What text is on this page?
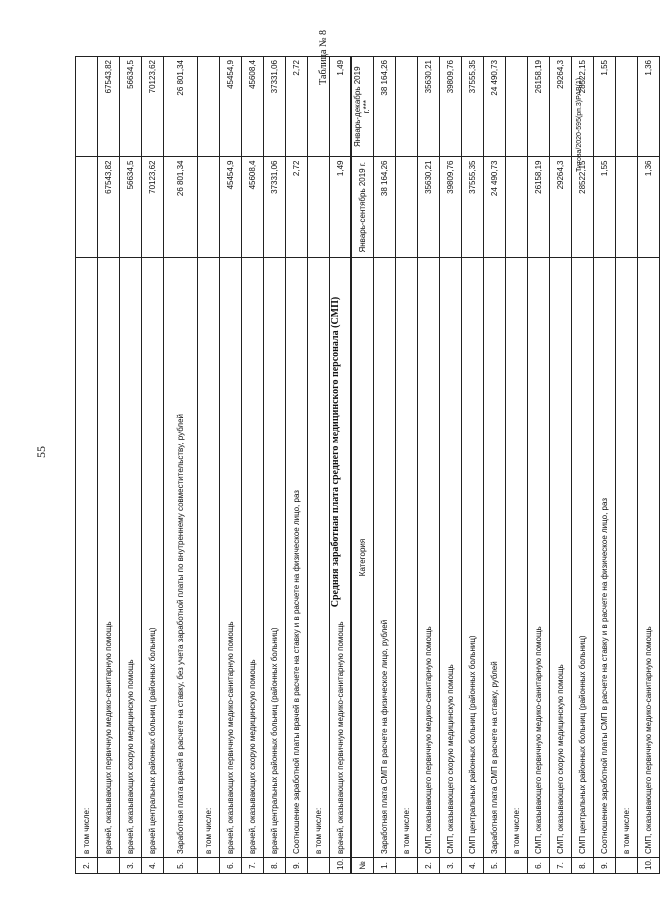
55
2.	в том числе:		
	врачей, оказывающих первичную медико-санитарную помощь	67543,82	67543,82
3.	врачей, оказывающих скорую медицинскую помощь	56634,5	56634,5
4.	врачей центральных районных больниц (районных больниц)	70123,62	70123,62
5.	Заработная плата врачей в расчете на ставку, без учета заработной платы по внутреннему совместительству, рублей	26 801,34	26 801,34
	в том числе:		
6.	врачей, оказывающих первичную медико-санитарную помощь	45454,9	45454,9
7.	врачей, оказывающих скорую медицинскую помощь	45608,4	45608,4
8.	врачей центральных районных больниц (районных больниц)	37331,06	37331,06
9.	Соотношение заработной платы врачей в расчете на ставку и в расчете на физическое лицо, раз	2,72	2,72
	в том числе:		
10.	врачей, оказывающих первичную медико-санитарную помощь	1,49	1,49
Таблица № 8
Средняя заработная плата среднего медицинского персонала (СМП)
№	Категория	Январь-сентябрь 2019 г.	Январь-декабрь 2019 г.***
1.	Заработная плата СМП в расчете на физическое лицо, рублей	38 164,26	38 164,26
	в том числе:		
2.	СМП, оказывающего первичную медико-санитарную помощь	35630,21	35630,21
3.	СМП, оказывающего скорую медицинскую помощь	39809,76	39809,76
4.	СМП центральных районных больниц (районных больниц)	37555,35	37555,35
5.	Заработная плата СМП в расчете на ставку, рублей	24 490,73	24 490,73
	в том числе:		
6.	СМП, оказывающего первичную медико-санитарную помощь	26158,19	26158,19
7.	СМП, оказывающего скорую медицинскую помощь	29264,3	29264,3
8.	СМП центральных районных больниц (районных больниц)	28522,15	28522,15
9.	Соотношение заработной платы СМП в расчете на ставку и в расчете на физическое лицо, раз	1,55	1,55
	в том числе:		
10.	СМП, оказывающего первичную медико-санитарную помощь	1,36	1,36
Титова/2020-595(рп.3)РАВ(1)
